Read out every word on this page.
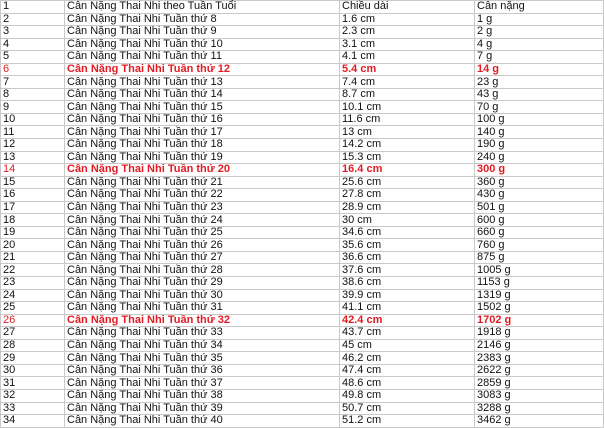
1	Cân Nặng Thai Nhi theo Tuần Tuổi	Chiều dài	Cân nặng
2	Cân Nặng Thai Nhi Tuần thứ 8	1.6 cm	1 g
3	Cân Nặng Thai Nhi Tuần thứ 9	2.3 cm	2 g
4	Cân Nặng Thai Nhi Tuần thứ 10	3.1 cm	4 g
5	Cân Nặng Thai Nhi Tuần thứ 11	4.1 cm	7 g
6	Cân Nặng Thai Nhi Tuần thứ 12	5.4 cm	14 g
7	Cân Nặng Thai Nhi Tuần thứ 13	7.4 cm	23 g
8	Cân Nặng Thai Nhi Tuần thứ 14	8.7 cm	43 g
9	Cân Nặng Thai Nhi Tuần thứ 15	10.1 cm	70 g
10	Cân Nặng Thai Nhi Tuần thứ 16	11.6 cm	100 g
11	Cân Nặng Thai Nhi Tuần thứ 17	13 cm	140 g
12	Cân Nặng Thai Nhi Tuần thứ 18	14.2 cm	190 g
13	Cân Nặng Thai Nhi Tuần thứ 19	15.3 cm	240 g
14	Cân Nặng Thai Nhi Tuần thứ 20	16.4 cm	300 g
15	Cân Nặng Thai Nhi Tuần thứ 21	25.6 cm	360 g
16	Cân Nặng Thai Nhi Tuần thứ 22	27.8 cm	430 g
17	Cân Nặng Thai Nhi Tuần thứ 23	28.9 cm	501 g
18	Cân Nặng Thai Nhi Tuần thứ 24	30 cm	600 g
19	Cân Nặng Thai Nhi Tuần thứ 25	34.6 cm	660 g
20	Cân Nặng Thai Nhi Tuần thứ 26	35.6 cm	760 g
21	Cân Nặng Thai Nhi Tuần thứ 27	36.6 cm	875 g
22	Cân Nặng Thai Nhi Tuần thứ 28	37.6 cm	1005 g
23	Cân Nặng Thai Nhi Tuần thứ 29	38.6 cm	1153 g
24	Cân Nặng Thai Nhi Tuần thứ 30	39.9 cm	1319 g
25	Cân Nặng Thai Nhi Tuần thứ 31	41.1 cm	1502 g
26	Cân Nặng Thai Nhi Tuần thứ 32	42.4 cm	1702 g
27	Cân Nặng Thai Nhi Tuần thứ 33	43.7 cm	1918 g
28	Cân Nặng Thai Nhi Tuần thứ 34	45 cm	2146 g
29	Cân Nặng Thai Nhi Tuần thứ 35	46.2 cm	2383 g
30	Cân Nặng Thai Nhi Tuần thứ 36	47.4 cm	2622 g
31	Cân Nặng Thai Nhi Tuần thứ 37	48.6 cm	2859 g
32	Cân Nặng Thai Nhi Tuần thứ 38	49.8 cm	3083 g
33	Cân Nặng Thai Nhi Tuần thứ 39	50.7 cm	3288 g
34	Cân Nặng Thai Nhi Tuần thứ 40	51.2 cm	3462 g
